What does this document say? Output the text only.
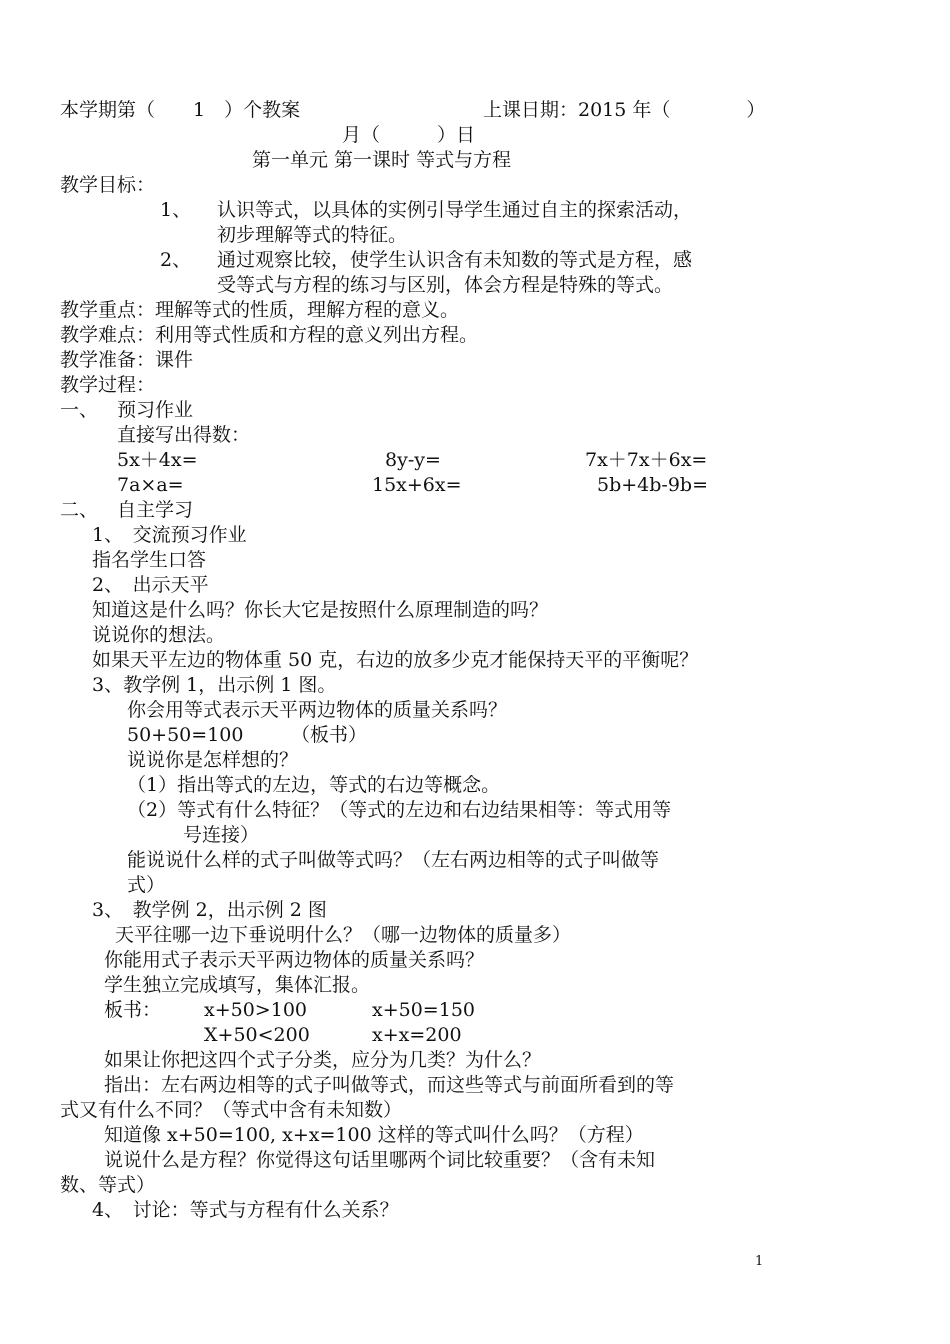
本学期第（　　1　）个教案	上课日期：2015 年（　　　　）
月（　　　）日
第一单元 第一课时 等式与方程
教学目标：
1、 认识等式，以具体的实例引导学生通过自主的探索活动，
初步理解等式的特征。
2、 通过观察比较，使学生认识含有未知数的等式是方程，感
受等式与方程的练习与区别，体会方程是特殊的等式。
教学重点：理解等式的性质，理解方程的意义。
教学难点：利用等式性质和方程的意义列出方程。
教学准备：课件
教学过程：
一、 预习作业
直接写出得数：
5x＋4x=	8y-y=	7x＋7x＋6x=
7a×a=	15x+6x=	5b+4b-9b=
二、 自主学习
1、　交流预习作业
指名学生口答
2、　出示天平
知道这是什么吗？你长大它是按照什么原理制造的吗？
说说你的想法。
如果天平左边的物体重 50 克，右边的放多少克才能保持天平的平衡呢？
3、教学例 1，出示例 1 图。
你会用等式表示天平两边物体的质量关系吗？
50+50=100　　　（板书）
说说你是怎样想的？
（1）指出等式的左边，等式的右边等概念。
（2）等式有什么特征？（等式的左边和右边结果相等：等式用等
号连接）
能说说什么样的式子叫做等式吗？（左右两边相等的式子叫做等
式）
3、　教学例 2，出示例 2 图
天平往哪一边下垂说明什么？（哪一边物体的质量多）
你能用式子表示天平两边物体的质量关系吗？
学生独立完成填写，集体汇报。
板书： x+50>100	x+50=150
X+50<200	x+x=200
如果让你把这四个式子分类，应分为几类？为什么？
指出：左右两边相等的式子叫做等式，而这些等式与前面所看到的等
式又有什么不同？（等式中含有未知数）
知道像 x+50=100, x+x=100 这样的等式叫什么吗？（方程）
说说什么是方程？你觉得这句话里哪两个词比较重要？（含有未知
数、等式）
4、　讨论：等式与方程有什么关系？
1
